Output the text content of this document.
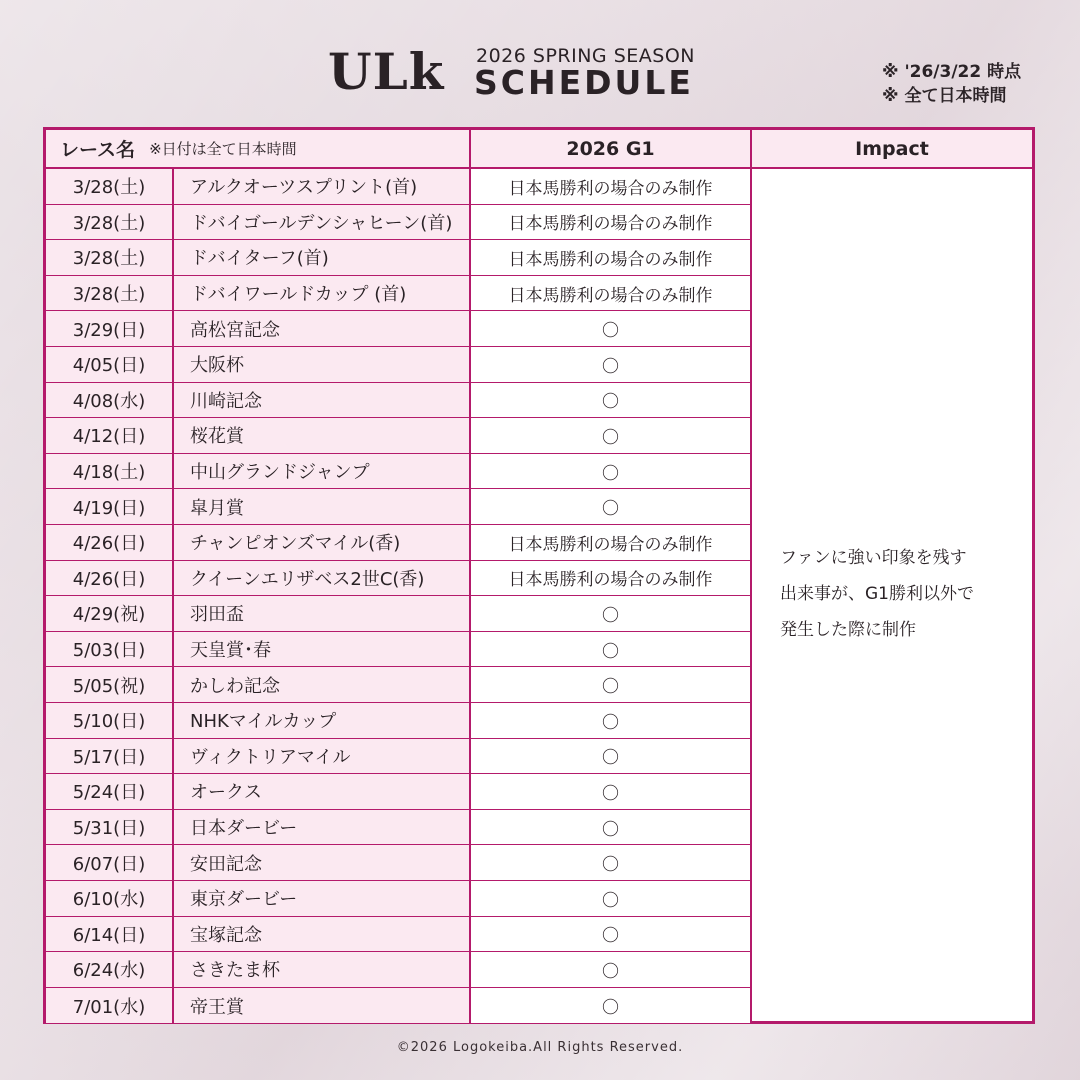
ULk 2026 SPRING SEASON
SCHEDULE	※ '26/3/22 時点
※ 全て日本時間
レース名 ※日付は全て日本時間	2026 G1	Impact
3/28(土)	アルクオーツスプリント(首)	日本馬勝利の場合のみ制作
3/28(土)	ドバイゴールデンシャヒーン(首)	日本馬勝利の場合のみ制作
3/28(土)	ドバイターフ(首)	日本馬勝利の場合のみ制作
3/28(土)	ドバイワールドカップ (首)	日本馬勝利の場合のみ制作
3/29(日)	高松宮記念	〇
4/05(日)	大阪杯	〇
4/08(水)	川崎記念	〇
4/12(日)	桜花賞	〇
4/18(土)	中山グランドジャンプ	〇
4/19(日)	皐月賞	〇
4/26(日)	チャンピオンズマイル(香)	日本馬勝利の場合のみ制作
4/26(日)	クイーンエリザベス2世C(香)	日本馬勝利の場合のみ制作
4/29(祝)	羽田盃	〇
5/03(日)	天皇賞･春	〇
5/05(祝)	かしわ記念	〇
5/10(日)	NHKマイルカップ	〇
5/17(日)	ヴィクトリアマイル	〇
5/24(日)	オークス	〇
5/31(日)	日本ダービー	〇
6/07(日)	安田記念	〇
6/10(水)	東京ダービー	〇
6/14(日)	宝塚記念	〇
6/24(水)	さきたま杯	〇
7/01(水)	帝王賞	〇
ファンに強い印象を残す
出来事が、G1勝利以外で
発生した際に制作
©2026 Logokeiba.All Rights Reserved.
